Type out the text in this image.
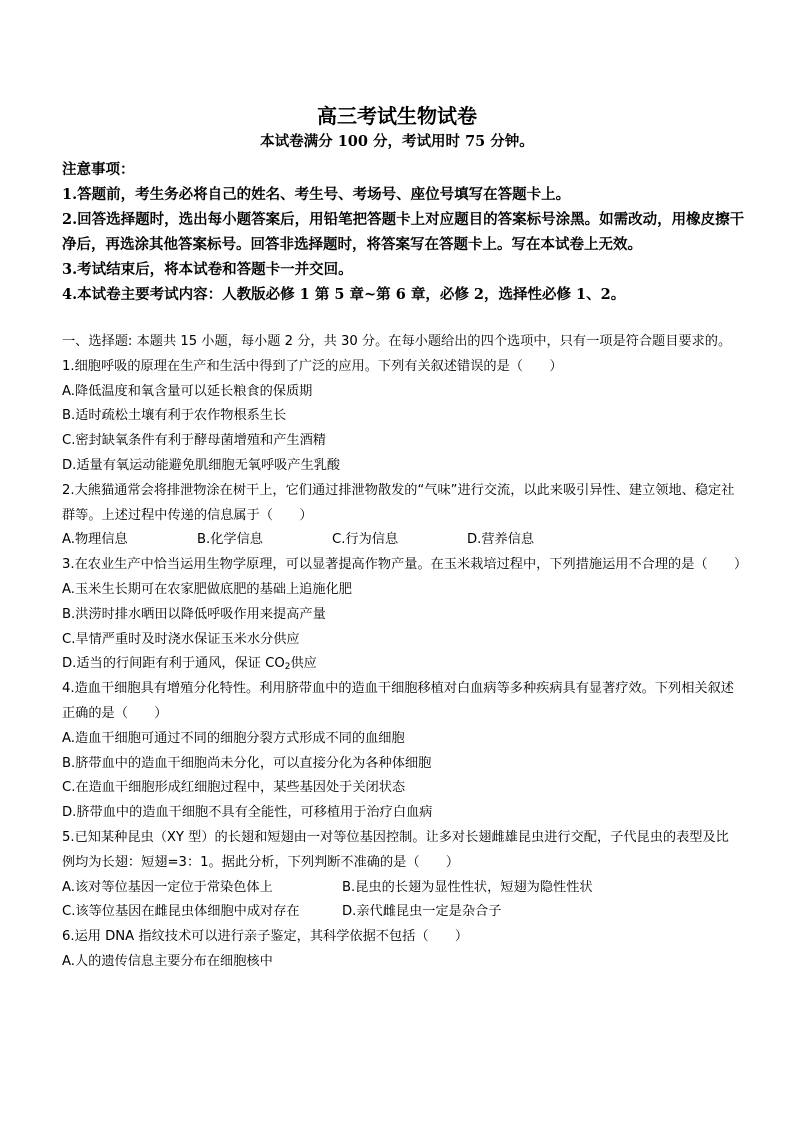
高三考试生物试卷
本试卷满分 100 分，考试用时 75 分钟。
注意事项：
1.答题前，考生务必将自己的姓名、考生号、考场号、座位号填写在答题卡上。
2.回答选择题时，选出每小题答案后，用铅笔把答题卡上对应题目的答案标号涂黑。如需改动，用橡皮擦干净后，再选涂其他答案标号。回答非选择题时，将答案写在答题卡上。写在本试卷上无效。
3.考试结束后，将本试卷和答题卡一并交回。
4.本试卷主要考试内容：人教版必修 1 第 5 章~第 6 章，必修 2，选择性必修 1、2。
一、选择题: 本题共 15 小题，每小题 2 分，共 30 分。在每小题给出的四个选项中，只有一项是符合题目要求的。
1.细胞呼吸的原理在生产和生活中得到了广泛的应用。下列有关叙述错误的是（　　）
A.降低温度和氧含量可以延长粮食的保质期
B.适时疏松土壤有利于农作物根系生长
C.密封缺氧条件有利于酵母菌增殖和产生酒精
D.适量有氧运动能避免肌细胞无氧呼吸产生乳酸
2.大熊猫通常会将排泄物涂在树干上，它们通过排泄物散发的“气味”进行交流，以此来吸引异性、建立领地、稳定社群等。上述过程中传递的信息属于（　　）
A.物理信息	B.化学信息	C.行为信息	D.营养信息
3.在农业生产中恰当运用生物学原理，可以显著提高作物产量。在玉米栽培过程中，下列措施运用不合理的是（　　）
A.玉米生长期可在农家肥做底肥的基础上追施化肥
B.洪涝时排水晒田以降低呼吸作用来提高产量
C.旱情严重时及时浇水保证玉米水分供应
D.适当的行间距有利于通风，保证 $CO_2$供应
4.造血干细胞具有增殖分化特性。利用脐带血中的造血干细胞移植对白血病等多种疾病具有显著疗效。下列相关叙述正确的是（　　）
A.造血干细胞可通过不同的细胞分裂方式形成不同的血细胞
B.脐带血中的造血干细胞尚未分化，可以直接分化为各种体细胞
C.在造血干细胞形成红细胞过程中，某些基因处于关闭状态
D.脐带血中的造血干细胞不具有全能性，可移植用于治疗白血病
5.已知某种昆虫（XY 型）的长翅和短翅由一对等位基因控制。让多对长翅雌雄昆虫进行交配，子代昆虫的表型及比例均为长翅：短翅=3：1。据此分析，下列判断不准确的是（　　）
A.该对等位基因一定位于常染色体上	B.昆虫的长翅为显性性状，短翅为隐性性状
C.该等位基因在雌昆虫体细胞中成对存在	D.亲代雌昆虫一定是杂合子
6.运用 DNA 指纹技术可以进行亲子鉴定，其科学依据不包括（　　）
A.人的遗传信息主要分布在细胞核中
